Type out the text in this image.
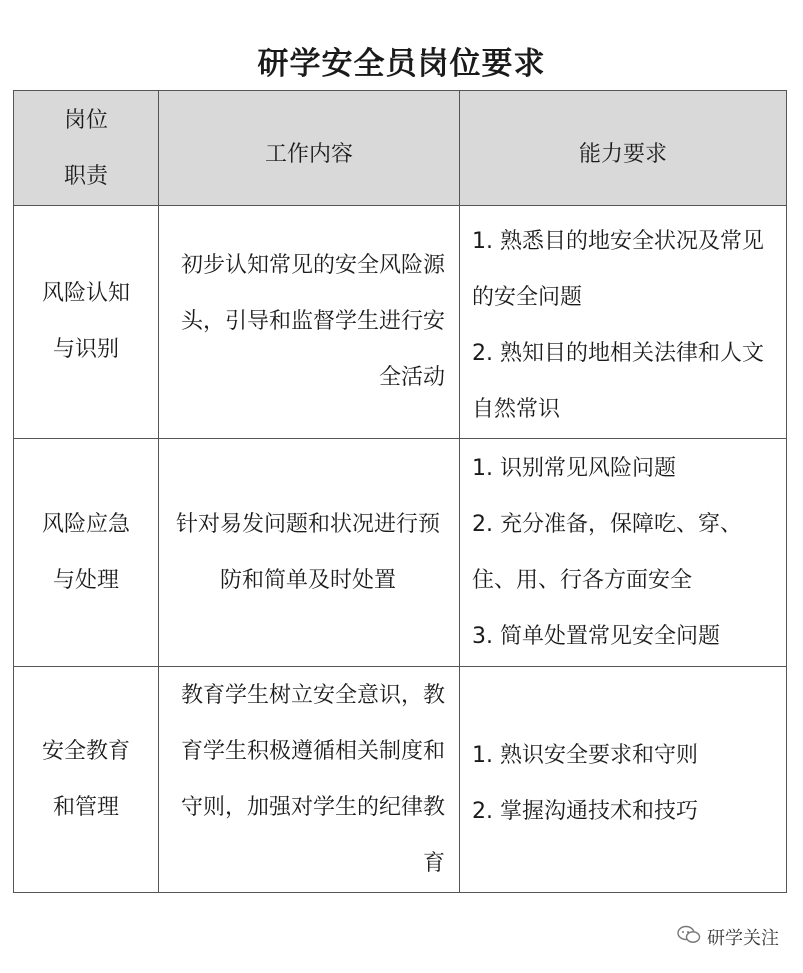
研学安全员岗位要求
岗位
职责	工作内容	能力要求

风险认知与识别	初步认知常见的安全风险源头，引导和监督学生进行安全活动	1. 熟悉目的地安全状况及常见的安全问题
2. 熟知目的地相关法律和人文自然常识

风险应急与处理	针对易发问题和状况进行预防和简单及时处置	1. 识别常见风险问题
2. 充分准备，保障吃、穿、住、用、行各方面安全
3. 简单处置常见安全问题

安全教育和管理	教育学生树立安全意识，教育学生积极遵循相关制度和守则，加强对学生的纪律教育	1. 熟识安全要求和守则
2. 掌握沟通技术和技巧
研学关注
